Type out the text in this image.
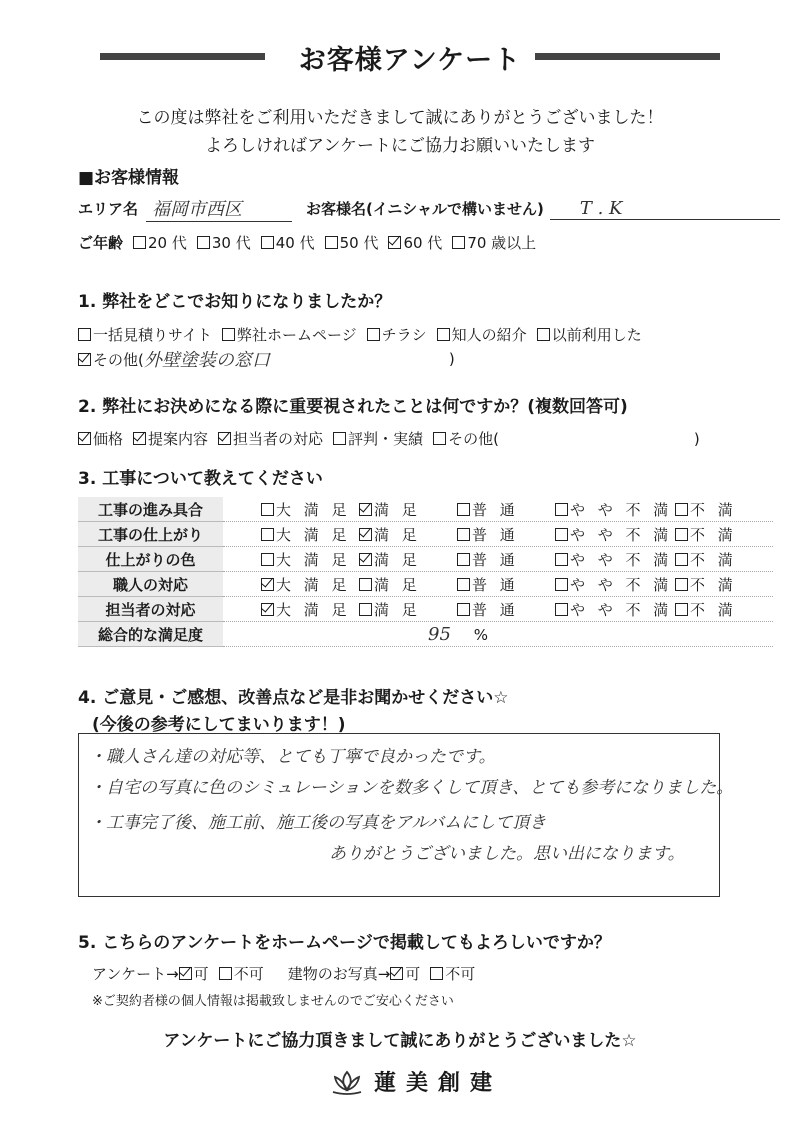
お客様アンケート
この度は弊社をご利用いただきまして誠にありがとうございました！
よろしければアンケートにご協力お願いいたします
■お客様情報
エリア名 福岡市西区	お客様名(イニシャルで構いません)	T . K
ご年齢	20 代 30 代 40 代 50 代 60 代 70 歳以上
1. 弊社をどこでお知りになりましたか？
一括見積りサイト	弊社ホームページ	チラシ	知人の紹介	以前利用した
その他( 外壁塗装の窓口	)
2. 弊社にお決めになる際に重要視されたことは何ですか？(複数回答可)
価格 提案内容 担当者の対応 評判・実績 その他(	)
3. 工事について教えてください
工事の進み具合	大 満 足 満 足 普 通 や や 不 満 不 満

工事の仕上がり	大 満 足 満 足 普 通 や や 不 満 不 満

仕上がりの色	大 満 足 満 足 普 通 や や 不 満 不 満

職人の対応	大 満 足 満 足 普 通 や や 不 満 不 満

担当者の対応	大 満 足 満 足 普 通 や や 不 満 不 満

総合的な満足度	95 %
4. ご意見・ご感想、改善点など是非お聞かせください☆
(今後の参考にしてまいります！)
・職人さん達の対応等、とても丁寧で良かったです。
・自宅の写真に色のシミュレーションを数多くして頂き、とても参考になりました。
・工事完了後、施工前、施工後の写真をアルバムにして頂き
ありがとうございました。思い出になります。
5. こちらのアンケートをホームページで掲載してもよろしいですか？
アンケート→	可	不可 建物のお写真→	可	不可
※ご契約者様の個人情報は掲載致しませんのでご安心ください
アンケートにご協力頂きまして誠にありがとうございました☆
蓮美創建
